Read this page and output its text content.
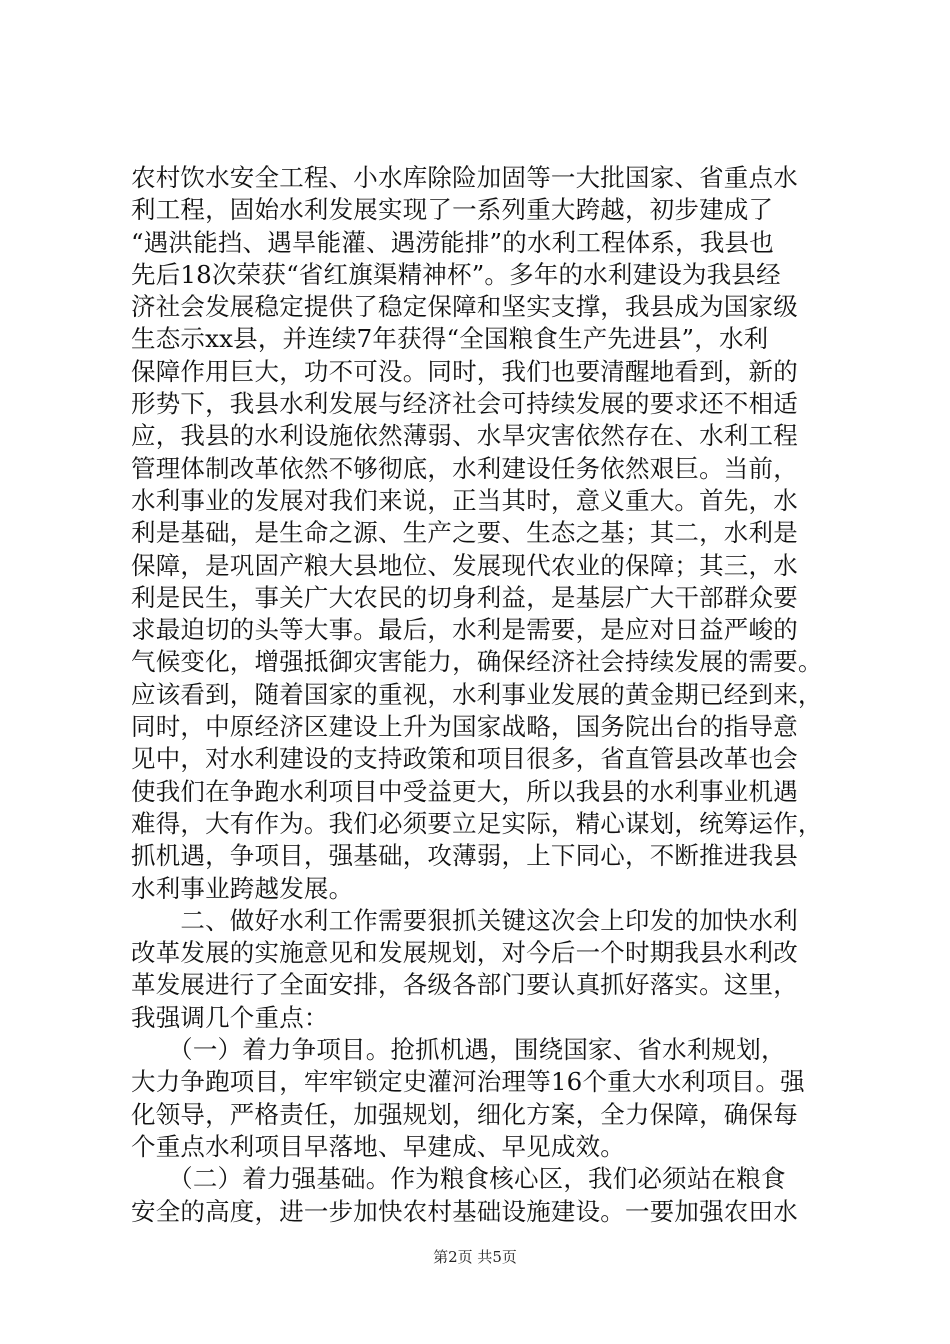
农村饮水安全工程、小水库除险加固等一大批国家、省重点水
利工程，固始水利发展实现了一系列重大跨越，初步建成了
“遇洪能挡、遇旱能灌、遇涝能排”的水利工程体系，我县也
先后18次荣获“省红旗渠精神杯”。多年的水利建设为我县经
济社会发展稳定提供了稳定保障和坚实支撑，我县成为国家级
生态示xx县，并连续7年获得“全国粮食生产先进县”，水利
保障作用巨大，功不可没。同时，我们也要清醒地看到，新的
形势下，我县水利发展与经济社会可持续发展的要求还不相适
应，我县的水利设施依然薄弱、水旱灾害依然存在、水利工程
管理体制改革依然不够彻底，水利建设任务依然艰巨。当前，
水利事业的发展对我们来说，正当其时，意义重大。首先，水
利是基础，是生命之源、生产之要、生态之基；其二，水利是
保障，是巩固产粮大县地位、发展现代农业的保障；其三，水
利是民生，事关广大农民的切身利益，是基层广大干部群众要
求最迫切的头等大事。最后，水利是需要，是应对日益严峻的
气候变化，增强抵御灾害能力，确保经济社会持续发展的需要。
应该看到，随着国家的重视，水利事业发展的黄金期已经到来，
同时，中原经济区建设上升为国家战略，国务院出台的指导意
见中，对水利建设的支持政策和项目很多，省直管县改革也会
使我们在争跑水利项目中受益更大，所以我县的水利事业机遇
难得，大有作为。我们必须要立足实际，精心谋划，统筹运作，
抓机遇，争项目，强基础，攻薄弱，上下同心，不断推进我县
水利事业跨越发展。
　　二、做好水利工作需要狠抓关键这次会上印发的加快水利
改革发展的实施意见和发展规划，对今后一个时期我县水利改
革发展进行了全面安排，各级各部门要认真抓好落实。这里，
我强调几个重点：
　　（一）着力争项目。抢抓机遇，围绕国家、省水利规划，
大力争跑项目，牢牢锁定史灌河治理等16个重大水利项目。强
化领导，严格责任，加强规划，细化方案，全力保障，确保每
个重点水利项目早落地、早建成、早见成效。
　　（二）着力强基础。作为粮食核心区，我们必须站在粮食
安全的高度，进一步加快农村基础设施建设。一要加强农田水
第2页 共5页
